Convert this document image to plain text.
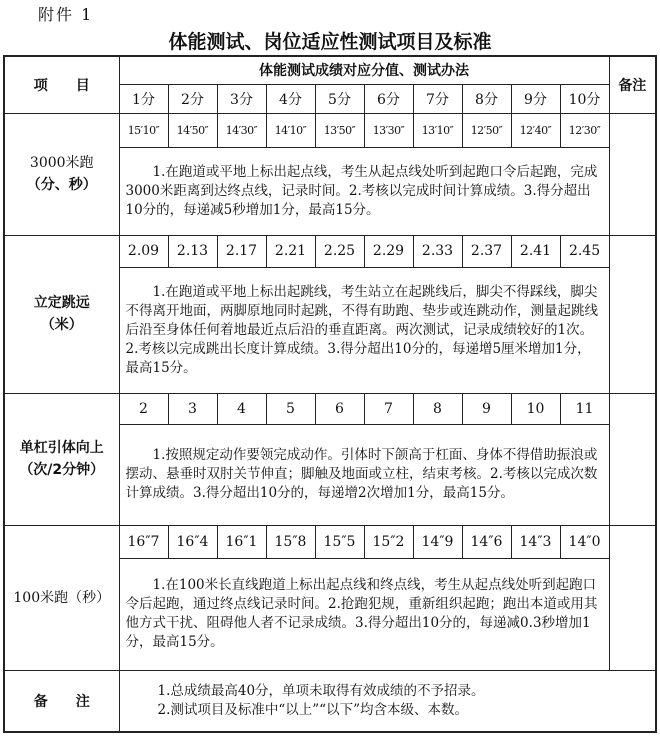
附件 1
体能测试、岗位适应性测试项目及标准
项　　目	体能测试成绩对应分值、测试办法										备注
	1分	2分	3分	4分	5分	6分	7分	8分	9分	10分	

3000米跑
（分、秒）	15′10″	14′50″	14′30″	14′10″	13′50″	13′30″	13′10″	12′50″	12′40″	12′30″	

	1.在跑道或平地上标出起点线，考生从起点线处听到起跑口令后起跑，完成3000米距离到达终点线，记录时间。2.考核以完成时间计算成绩。3.得分超出10分的，每递减5秒增加1分，最高15分。										

立定跳远
（米）	2.09	2.13	2.17	2.21	2.25	2.29	2.33	2.37	2.41	2.45	

	1.在跑道或平地上标出起跳线，考生站立在起跳线后，脚尖不得踩线，脚尖不得离开地面，两脚原地同时起跳，不得有助跑、垫步或连跳动作，测量起跳线后沿至身体任何着地最近点后沿的垂直距离。两次测试，记录成绩较好的1次。2.考核以完成跳出长度计算成绩。3.得分超出10分的，每递增5厘米增加1分，最高15分。										

单杠引体向上
（次/2分钟）	2	3	4	5	6	7	8	9	10	11	

	1.按照规定动作要领完成动作。引体时下颌高于杠面、身体不得借助振浪或摆动、悬垂时双肘关节伸直；脚触及地面或立柱，结束考核。2.考核以完成次数计算成绩。3.得分超出10分的，每递增2次增加1分，最高15分。										

100米跑（秒）	16″7	16″4	16″1	15″8	15″5	15″2	14″9	14″6	14″3	14″0	

	1.在100米长直线跑道上标出起点线和终点线，考生从起点线处听到起跑口令后起跑，通过终点线记录时间。2.抢跑犯规，重新组织起跑；跑出本道或用其他方式干扰、阻碍他人者不记录成绩。3.得分超出10分的，每递减0.3秒增加1分，最高15分。										

备　　注	1.总成绩最高40分，单项未取得有效成绩的不予招录。
2.测试项目及标准中“以上”“以下”均含本级、本数。										
